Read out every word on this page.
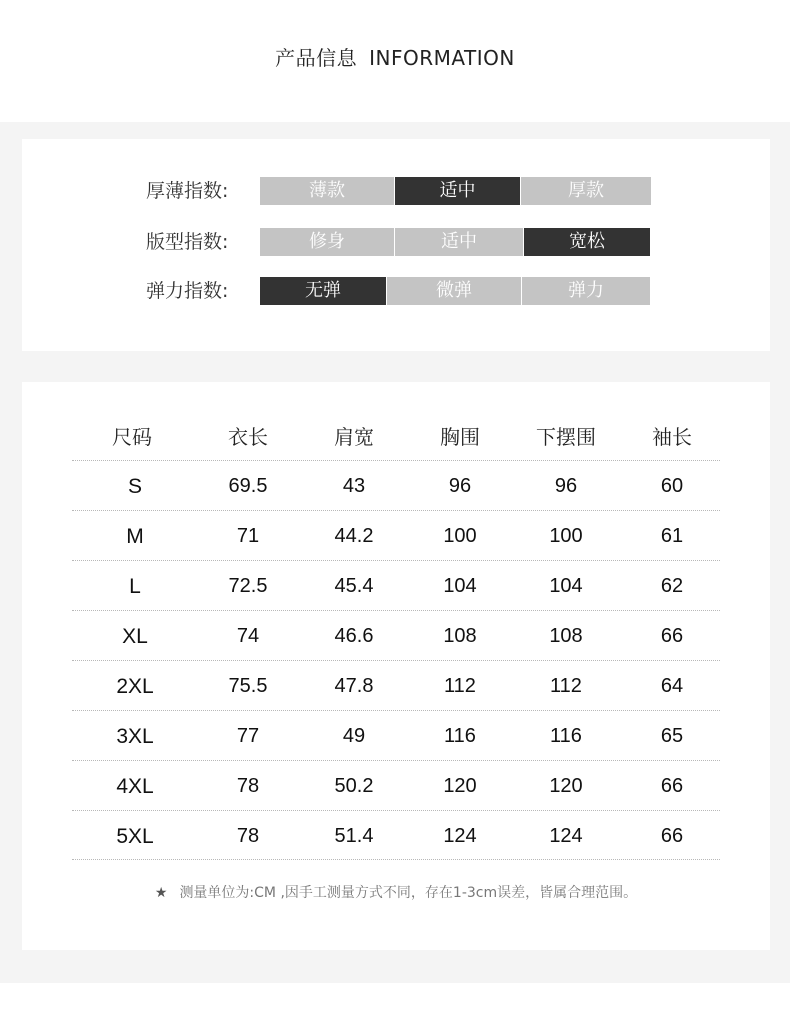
产品信息 INFORMATION
厚薄指数:	薄款	适中	厚款
版型指数:	修身	适中	宽松
弹力指数:	无弹	微弹	弹力
尺码	衣长	肩宽	胸围	下摆围	袖长
S	69.5	43	96	96	60
M	71	44.2	100	100	61
L	72.5	45.4	104	104	62
XL	74	46.6	108	108	66
2XL	75.5	47.8	112	112	64
3XL	77	49	116	116	65
4XL	78	50.2	120	120	66
5XL	78	51.4	124	124	66
★ 测量单位为:CM ,因手工测量方式不同，存在1-3cm误差，皆属合理范围。
